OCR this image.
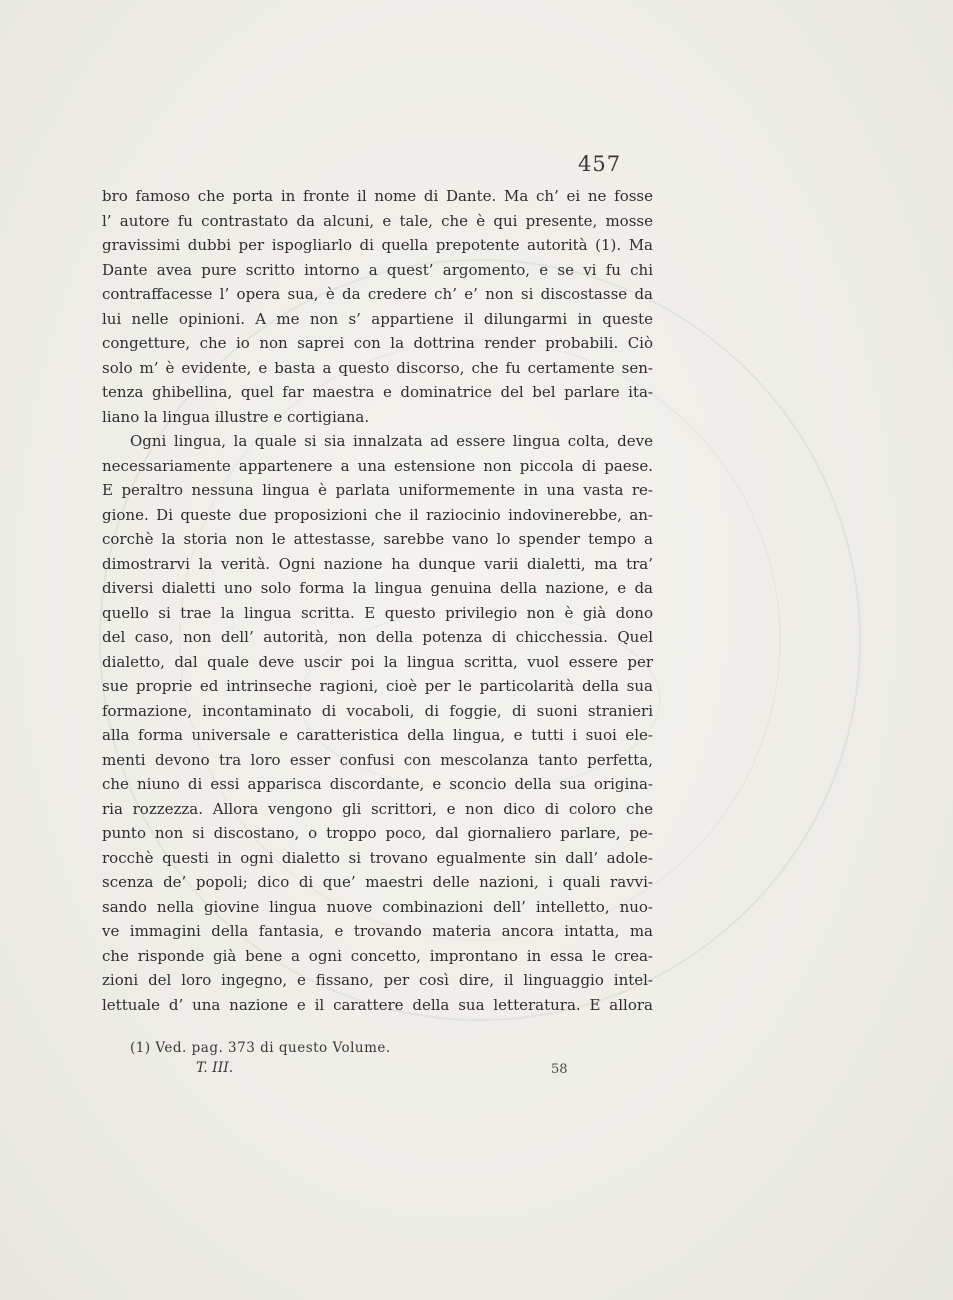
457
bro famoso che porta in fronte il nome di Dante. Ma ch’ ei ne fosse
l’ autore fu contrastato da alcuni, e tale, che è qui presente, mosse
gravissimi dubbi per ispogliarlo di quella prepotente autorità (1). Ma
Dante avea pure scritto intorno a quest’ argomento, e se vi fu chi
contraffacesse l’ opera sua, è da credere ch’ e’ non si discostasse da
lui nelle opinioni. A me non s’ appartiene il dilungarmi in queste
congetture, che io non saprei con la dottrina render probabili. Ciò
solo m’ è evidente, e basta a questo discorso, che fu certamente sen-
tenza ghibellina, quel far maestra e dominatrice del bel parlare ita-
liano la lingua illustre e cortigiana.
Ogni lingua, la quale si sia innalzata ad essere lingua colta, deve
necessariamente appartenere a una estensione non piccola di paese.
E peraltro nessuna lingua è parlata uniformemente in una vasta re-
gione. Di queste due proposizioni che il raziocinio indovinerebbe, an-
corchè la storia non le attestasse, sarebbe vano lo spender tempo a
dimostrarvi la verità. Ogni nazione ha dunque varii dialetti, ma tra’
diversi dialetti uno solo forma la lingua genuina della nazione, e da
quello si trae la lingua scritta. E questo privilegio non è già dono
del caso, non dell’ autorità, non della potenza di chicchessia. Quel
dialetto, dal quale deve uscir poi la lingua scritta, vuol essere per
sue proprie ed intrinseche ragioni, cioè per le particolarità della sua
formazione, incontaminato di vocaboli, di foggie, di suoni stranieri
alla forma universale e caratteristica della lingua, e tutti i suoi ele-
menti devono tra loro esser confusi con mescolanza tanto perfetta,
che niuno di essi apparisca discordante, e sconcio della sua origina-
ria rozzezza. Allora vengono gli scrittori, e non dico di coloro che
punto non si discostano, o troppo poco, dal giornaliero parlare, pe-
rocchè questi in ogni dialetto si trovano egualmente sin dall’ adole-
scenza de’ popoli; dico di que’ maestri delle nazioni, i quali ravvi-
sando nella giovine lingua nuove combinazioni dell’ intelletto, nuo-
ve immagini della fantasia, e trovando materia ancora intatta, ma
che risponde già bene a ogni concetto, improntano in essa le crea-
zioni del loro ingegno, e fissano, per così dire, il linguaggio intel-
lettuale d’ una nazione e il carattere della sua letteratura. E allora
(1) Ved. pag. 373 di questo Volume.
T. III.	58
